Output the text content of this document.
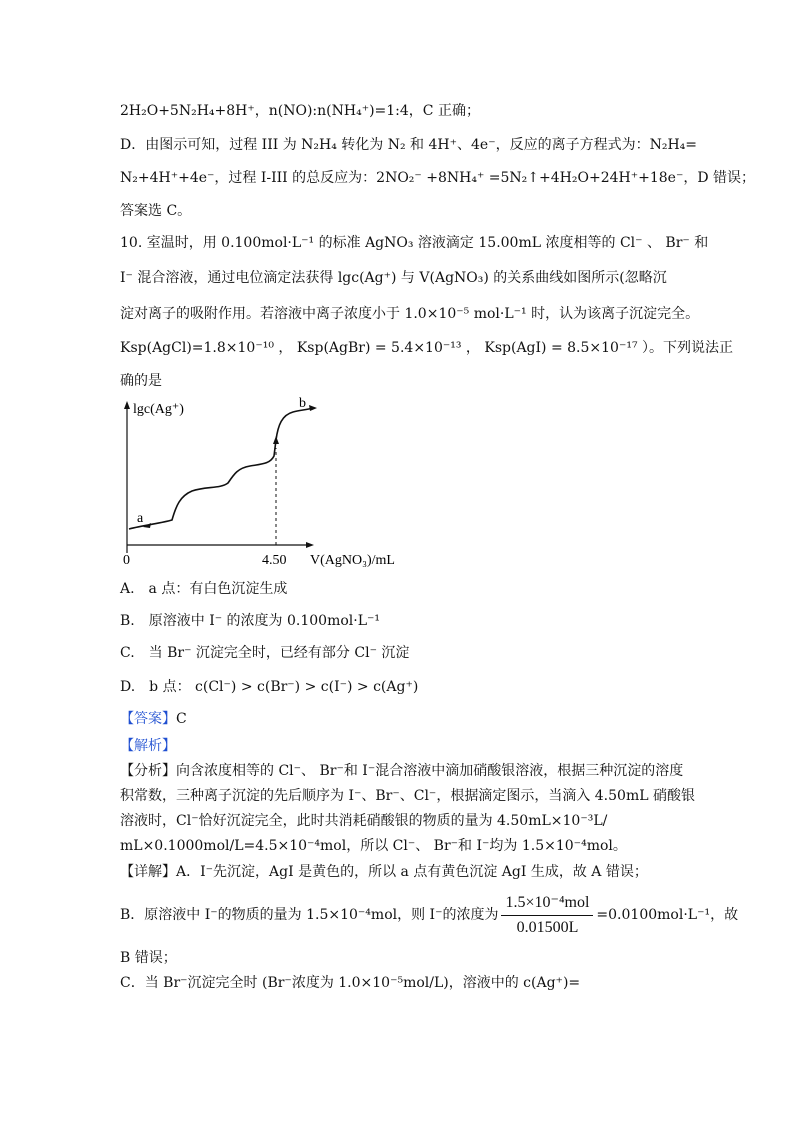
2H₂O+5N₂H₄+8H⁺，n(NO):n(NH₄⁺)=1:4，C 正确；
D．由图示可知，过程 III 为 N₂H₄ 转化为 N₂ 和 4H⁺、4e⁻，反应的离子方程式为：N₂H₄=
N₂+4H⁺+4e⁻，过程 I-III 的总反应为：2NO₂⁻ +8NH₄⁺ =5N₂↑+4H₂O+24H⁺+18e⁻，D 错误；
答案选 C。
10. 室温时，用 0.100mol·L⁻¹ 的标准 AgNO₃ 溶液滴定 15.00mL 浓度相等的 Cl⁻ 、 Br⁻ 和
I⁻ 混合溶液，通过电位滴定法获得 lgc(Ag⁺) 与 V(AgNO₃) 的关系曲线如图所示(忽略沉
淀对离子的吸附作用。若溶液中离子浓度小于 1.0×10⁻⁵ mol·L⁻¹ 时，认为该离子沉淀完全。
Ksp(AgCl)=1.8×10⁻¹⁰ ， Ksp(AgBr) = 5.4×10⁻¹³ ， Ksp(AgI) = 8.5×10⁻¹⁷ ）。下列说法正
确的是
lgc(Ag⁺)
V(AgNO₃)/mL
0	4.50
a
b
A.　a 点：有白色沉淀生成
B.　原溶液中 I⁻ 的浓度为 0.100mol·L⁻¹
C.　当 Br⁻ 沉淀完全时，已经有部分 Cl⁻ 沉淀
D.　b 点： c(Cl⁻) > c(Br⁻) > c(I⁻) > c(Ag⁺)
【答案】C
【解析】
【分析】向含浓度相等的 Cl⁻、 Br⁻和 I⁻混合溶液中滴加硝酸银溶液，根据三种沉淀的溶度
积常数，三种离子沉淀的先后顺序为 I⁻、Br⁻、Cl⁻，根据滴定图示，当滴入 4.50mL 硝酸银
溶液时，Cl⁻恰好沉淀完全，此时共消耗硝酸银的物质的量为 4.50mL×10⁻³L/
mL×0.1000mol/L=4.5×10⁻⁴mol，所以 Cl⁻、 Br⁻和 I⁻均为 1.5×10⁻⁴mol。
【详解】A．I⁻先沉淀，AgI 是黄色的，所以 a 点有黄色沉淀 AgI 生成，故 A 错误；
B．原溶液中 I⁻的物质的量为 1.5×10⁻⁴mol，则 I⁻的浓度为 $\frac{\text{1.5×10⁻⁴mol}}{0.01500L} =0.0100mol\cdot L^{-1}$，故
B 错误；
C．当 Br⁻沉淀完全时 (Br⁻浓度为 1.0×10⁻⁵mol/L)，溶液中的 c(Ag⁺)=
